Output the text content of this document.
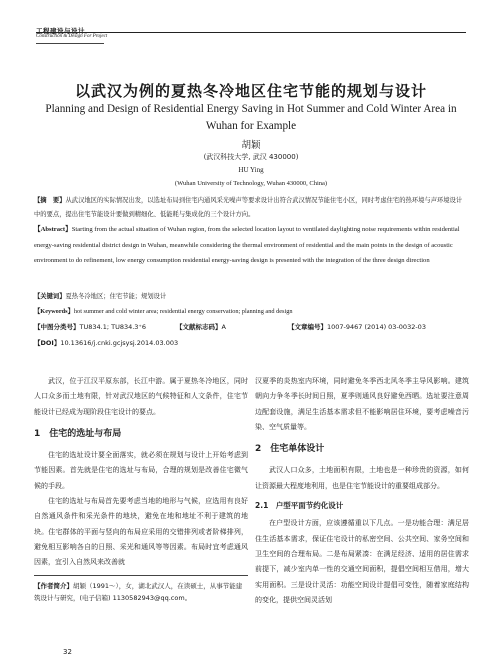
工程建设与设计
Construction & Design For Project
以武汉为例的夏热冬冷地区住宅节能的规划与设计
Planning and Design of Residential Energy Saving in Hot Summer and Cold Winter Area in
Wuhan for Example
胡颖
(武汉科技大学, 武汉 430000)
HU Ying
(Wuhan University of Technology, Wuhan 430000, China)
【摘　要】从武汉地区的实际情况出发，以选址布局到住宅内通风采光噪声等要求设计出符合武汉情况节能住宅小区，同时考虑住宅的热环境与声环境设计中的要点，提出住宅节能设计要做到精细化、低能耗与集成化的三个设计方向。
【Abstract】Starting from the actual situation of Wuhan region, from the selected location layout to ventilated daylighting noise requirements within residential energy-saving residential district design in Wuhan, meanwhile considering the thermal environment of residential and the main points in the design of acoustic environment to do refinement, low energy consumption residential energy-saving design is presented with the integration of the three design direction
【关键词】夏热冬冷地区；住宅节能；规划设计
【Keywords】hot summer and cold winter area; residential energy conservation; planning and design
【中图分类号】TU834.1; TU834.3⁺6	【文献标志码】A	【文章编号】1007-9467 (2014) 03-0032-03
【DOI】10.13616/j.cnki.gcjsysj.2014.03.003

武汉，位于江汉平原东部，长江中游。属于夏热冬冷地区，同时人口众多而土地有限，针对武汉地区的气候特征和人文条件，住宅节能设计已经成为现阶段住宅设计的要点。

1　住宅的选址与布局

住宅的选址设计要全面落实，就必须在规划与设计上开始考虑到节能因素。首先就是住宅的选址与布局，合理的规划是改善住宅微气候的手段。

住宅的选址与布局首先要考虑当地的地形与气候，应选用有良好自然通风条件和采光条件的地块，避免在地和地址不利于建筑的地块。住宅群体的平面与竖向的布局应采用的交错排列或者阶梯排列，避免相互影响各自的日照、采光和通风等等因素。布局时宜考虑通风因素，宜引入自然风来改善就

汉夏季的炎热室内环境，同时避免冬季西北风冬季主导风影响。建筑朝向力争冬季长时间日照，夏季则通风良好避免西晒。选址要注意周边配套设施，满足生活基本需求但不能影响居住环境，要考虑噪音污染、空气质量等。

2　住宅单体设计

武汉人口众多，土地面积有限，土地也是一种珍贵的资源，如何让资源最大程度地利用，也是住宅节能设计的重要组成部分。

2.1　户型平面节约化设计

在户型设计方面，应该遵循重以下几点。一是功能合理：满足居住生活基本需求，保证住宅设计的私密空间、公共空间、家务空间和卫生空间的合理布局。二是布局紧凑：在满足经济、适用的居住需求前提下，减少室内单一性的交通空间面积，提倡空间相互借用，增大实用面积。三是设计灵活：功能空间设计提倡可变性，随着家庭结构的变化，提供空间灵活划

【作者简介】胡颖（1991～），女，湖北武汉人，在读硕士，从事节能建筑设计与研究，(电子信箱) 1130582943@qq.com。
32
